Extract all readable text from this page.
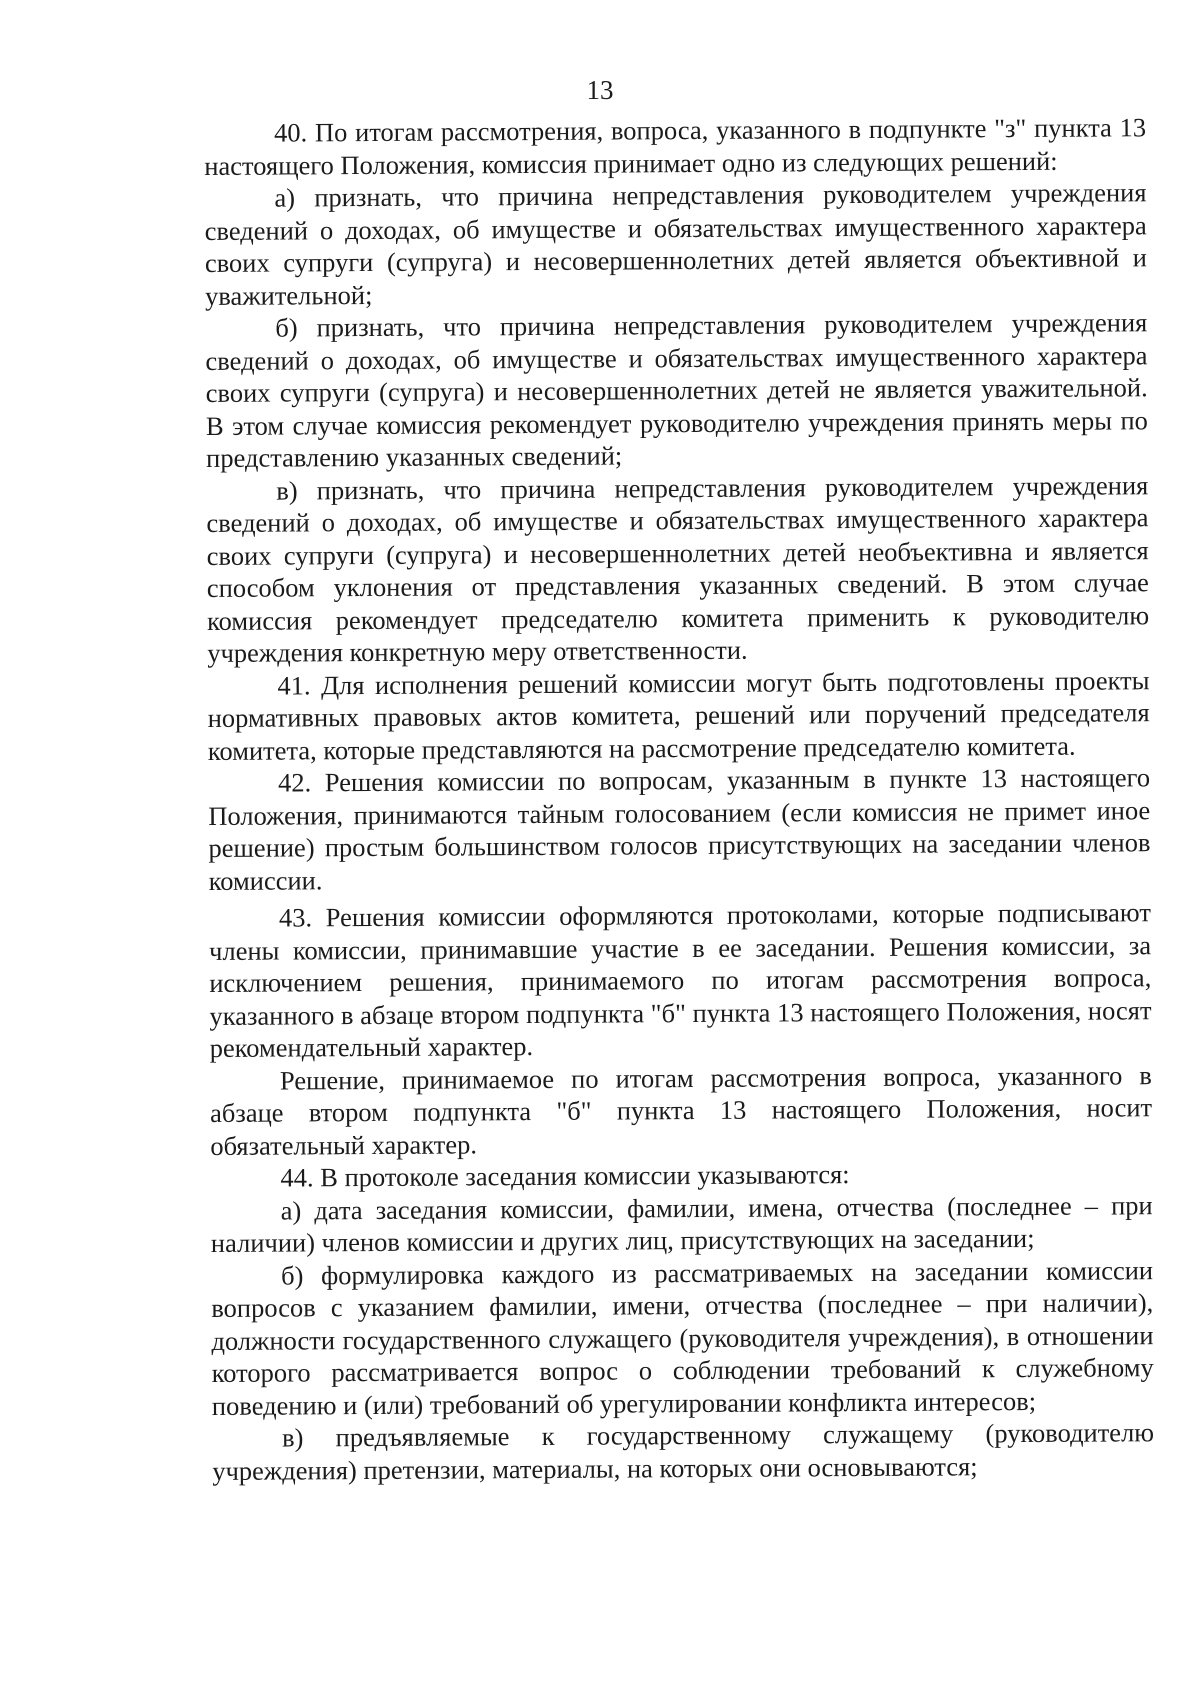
13

40. По итогам рассмотрения, вопроса, указанного в подпункте "з" пункта 13 настоящего Положения, комиссия принимает одно из следующих решений:

а) признать, что причина непредставления руководителем учреждения сведений о доходах, об имуществе и обязательствах имущественного характера своих супруги (супруга) и несовершеннолетних детей является объективной и уважительной;

б) признать, что причина непредставления руководителем учреждения сведений о доходах, об имуществе и обязательствах имущественного характера своих супруги (супруга) и несовершеннолетних детей не является уважительной. В этом случае комиссия рекомендует руководителю учреждения принять меры по представлению указанных сведений;

в) признать, что причина непредставления руководителем учреждения сведений о доходах, об имуществе и обязательствах имущественного характера своих супруги (супруга) и несовершеннолетних детей необъективна и является способом уклонения от представления указанных сведений. В этом случае комиссия рекомендует председателю комитета применить к руководителю учреждения конкретную меру ответственности.

41. Для исполнения решений комиссии могут быть подготовлены проекты нормативных правовых актов комитета, решений или поручений председателя комитета, которые представляются на рассмотрение председателю комитета.

42. Решения комиссии по вопросам, указанным в пункте 13 настоящего Положения, принимаются тайным голосованием (если комиссия не примет иное решение) простым большинством голосов присутствующих на заседании членов комиссии.

43. Решения комиссии оформляются протоколами, которые подписывают члены комиссии, принимавшие участие в ее заседании. Решения комиссии, за исключением решения, принимаемого по итогам рассмотрения вопроса, указанного в абзаце втором подпункта "б" пункта 13 настоящего Положения, носят рекомендательный характер.

Решение, принимаемое по итогам рассмотрения вопроса, указанного в абзаце втором подпункта "б" пункта 13 настоящего Положения, носит обязательный характер.

44. В протоколе заседания комиссии указываются:

а) дата заседания комиссии, фамилии, имена, отчества (последнее – при наличии) членов комиссии и других лиц, присутствующих на заседании;

б) формулировка каждого из рассматриваемых на заседании комиссии вопросов с указанием фамилии, имени, отчества (последнее – при наличии), должности государственного служащего (руководителя учреждения), в отношении которого рассматривается вопрос о соблюдении требований к служебному поведению и (или) требований об урегулировании конфликта интересов;

в) предъявляемые к государственному служащему (руководителю учреждения) претензии, материалы, на которых они основываются;
